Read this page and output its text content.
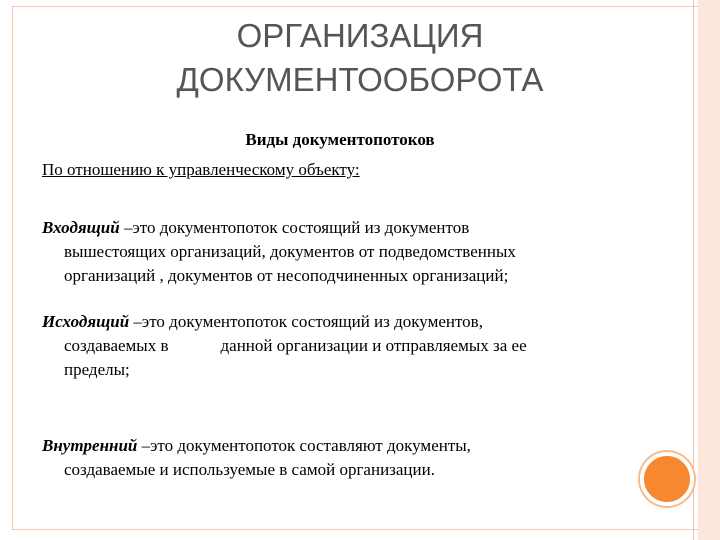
ОРГАНИЗАЦИЯ
ДОКУМЕНТООБОРОТА
Виды документопотоков
По отношению к управленческому объекту:
Входящий –это документопоток состоящий из документов
вышестоящих организаций, документов от подведомственных
организаций , документов от несоподчиненных организаций;
Исходящий –это документопоток состоящий из документов,
создаваемых в	данной организации и отправляемых за ее
пределы;
Внутренний –это документопоток составляют документы,
создаваемые и используемые в самой организации.
